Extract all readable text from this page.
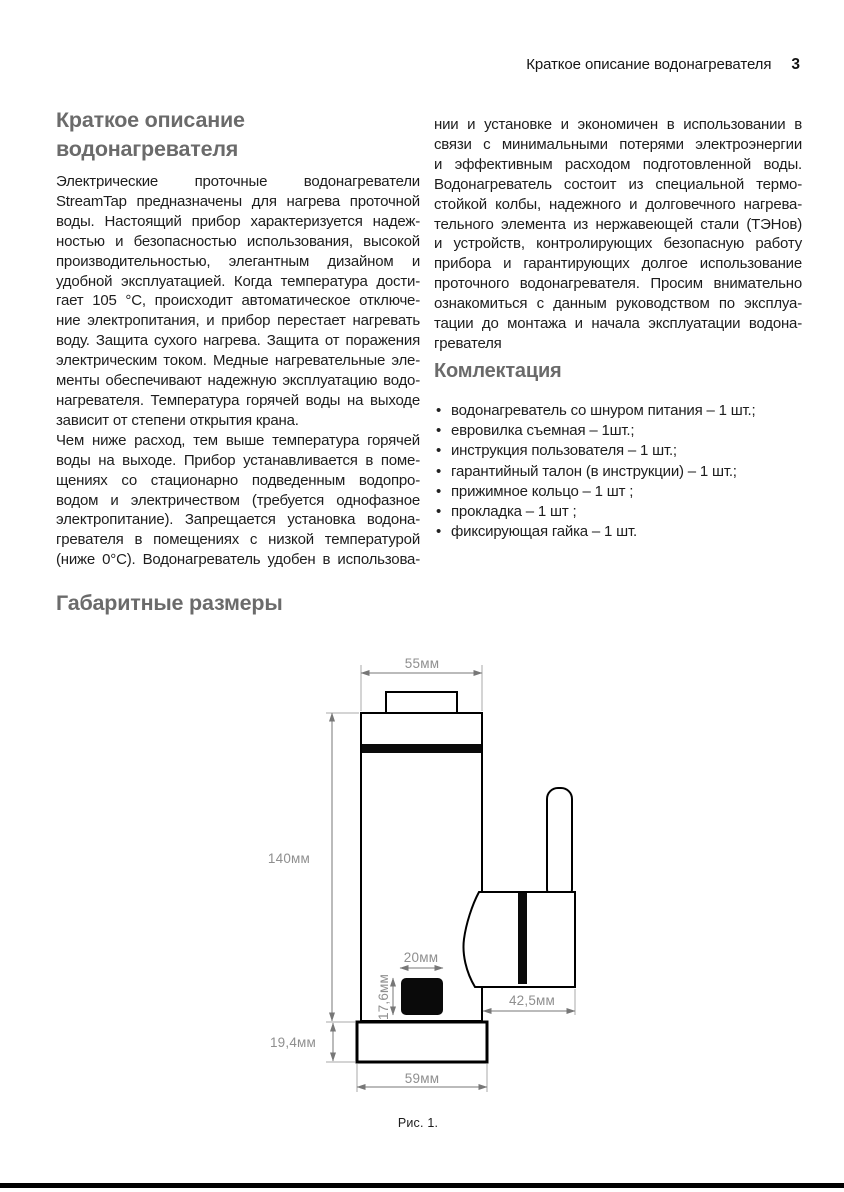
Краткое описание водонагревателя 3
Краткое описание
водонагревателя
Электрические проточные водонагреватели
StreamTap предназначены для нагрева проточной
воды. Настоящий прибор характеризуется надеж-
ностью и безопасностью использования, высокой
производительностью, элегантным дизайном и
удобной эксплуатацией. Когда температура дости-
гает 105 °C, происходит автоматическое отключе-
ние электропитания, и прибор перестает нагревать
воду. Защита сухого нагрева. Защита от поражения
электрическим током. Медные нагревательные эле-
менты обеспечивают надежную эксплуатацию водо-
нагревателя. Температура горячей воды на выходе
зависит от степени открытия крана.
Чем ниже расход, тем выше температура горячей
воды на выходе. Прибор устанавливается в поме-
щениях со стационарно подведенным водопро-
водом и электричеством (требуется однофазное
электропитание). Запрещается установка водона-
гревателя в помещениях с низкой температурой
(ниже 0°C). Водонагреватель удобен в использова-
нии и установке и экономичен в использовании в
связи с минимальными потерями электроэнергии
и эффективным расходом подготовленной воды.
Водонагреватель состоит из специальной термо-
стойкой колбы, надежного и долговечного нагрева-
тельного элемента из нержавеющей стали (ТЭНов)
и устройств, контролирующих безопасную работу
прибора и гарантирующих долгое использование
проточного водонагревателя. Просим внимательно
ознакомиться с данным руководством по эксплуа-
тации до монтажа и начала эксплуатации водона-
гревателя
Комлектация
• водонагреватель со шнуром питания – 1 шт.;
• евровилка съемная – 1шт.;
• инструкция пользователя – 1 шт.;
• гарантийный талон (в инструкции) – 1 шт.;
• прижимное кольцо – 1 шт ;
• прокладка – 1 шт ;
• фиксирующая гайка – 1 шт.
Габаритные размеры
55мм
140мм
19,4мм
59мм
42,5мм
20мм
17,6мм
Рис. 1.
